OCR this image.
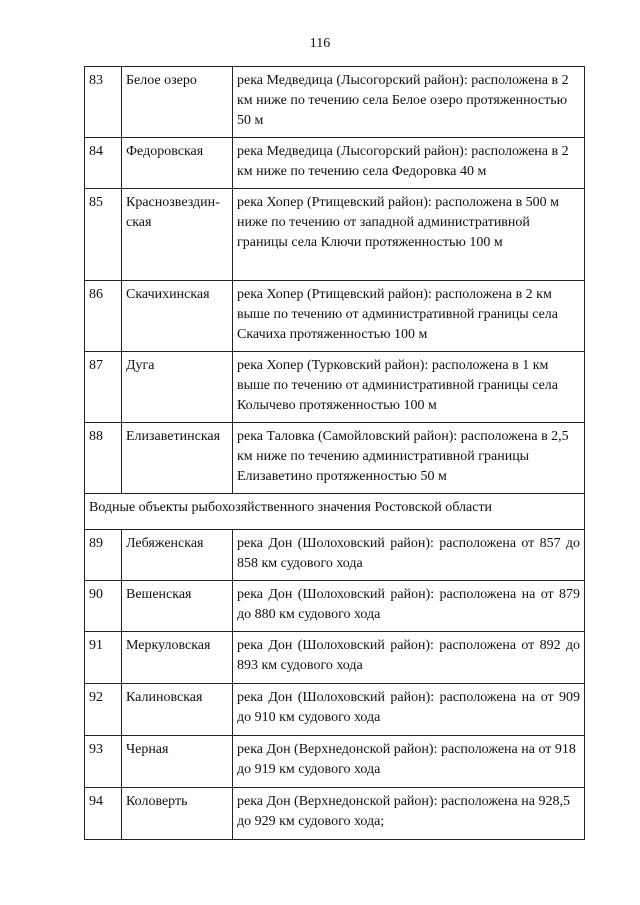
116
83	Белое озеро	река Медведица (Лысогорский район): расположена в 2 км ниже по течению села Белое озеро протяженностью 50 м
84	Федоровская	река Медведица (Лысогорский район): расположена в 2 км ниже по течению села Федоровка 40 м
85	Краснозвездин-ская	река Хопер (Ртищевский район): расположена в 500 м ниже по течению от западной административной границы села Ключи протяженностью 100 м
86	Скачихинская	река Хопер (Ртищевский район): расположена в 2 км выше по течению от административной границы села Скачиха протяженностью 100 м
87	Дуга	река Хопер (Турковский район): расположена в 1 км выше по течению от административной границы села Колычево протяженностью 100 м
88	Елизаветинская	река Таловка (Самойловский район): расположена в 2,5 км ниже по течению административной границы Елизаветино протяженностью 50 м
Водные объекты рыбохозяйственного значения Ростовской области		
89	Лебяженская	река Дон (Шолоховский район): расположена от 857 до 858 км судового хода
90	Вешенская	река Дон (Шолоховский район): расположена на от 879 до 880 км судового хода
91	Меркуловская	река Дон (Шолоховский район): расположена от 892 до 893 км судового хода
92	Калиновская	река Дон (Шолоховский район): расположена на от 909 до 910 км судового хода
93	Черная	река Дон (Верхнедонской район): расположена на от 918 до 919 км судового хода
94	Коловерть	река Дон (Верхнедонской район): расположена на 928,5 до 929 км судового хода;
